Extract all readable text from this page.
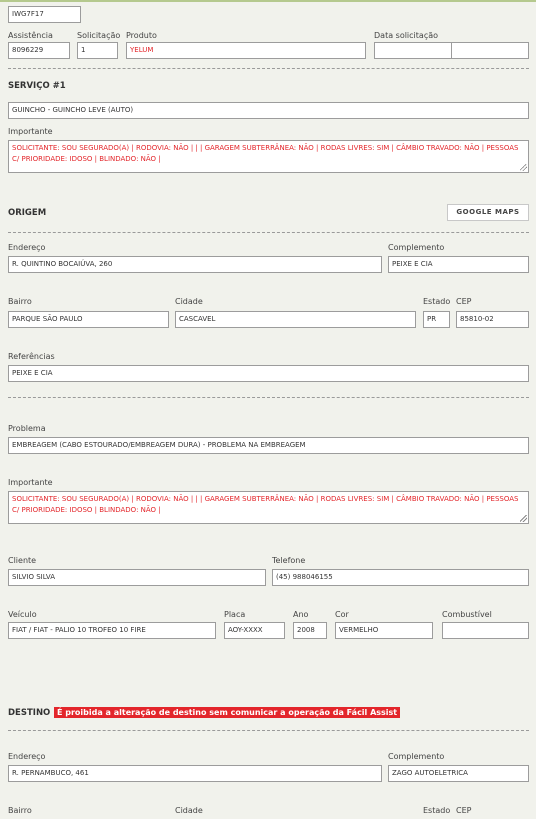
IWG7F17
Assistência
8096229
Solicitação
1
Produto
YELUM
Data solicitação
SERVIÇO #1
GUINCHO - GUINCHO LEVE (AUTO)
Importante
SOLICITANTE: SOU SEGURADO(A) | RODOVIA: NÃO | | | GARAGEM SUBTERRÂNEA: NÃO | RODAS LIVRES: SIM | CÂMBIO TRAVADO: NÃO | PESSOAS C/ PRIORIDADE: IDOSO | BLINDADO: NÃO |
ORIGEM	GOOGLE MAPS
Endereço
R. QUINTINO BOCAIÚVA, 260
Complemento
PEIXE E CIA
Bairro
PARQUE SÃO PAULO
Cidade
CASCAVEL
Estado
PR
CEP
85810-02
Referências
PEIXE E CIA
Problema
EMBREAGEM (CABO ESTOURADO/EMBREAGEM DURA) - PROBLEMA NA EMBREAGEM
Importante
SOLICITANTE: SOU SEGURADO(A) | RODOVIA: NÃO | | | GARAGEM SUBTERRÂNEA: NÃO | RODAS LIVRES: SIM | CÂMBIO TRAVADO: NÃO | PESSOAS C/ PRIORIDADE: IDOSO | BLINDADO: NÃO |
Cliente
SILVIO SILVA
Telefone
(45) 988046155
Veículo
FIAT / FIAT - PALIO 10 TROFEO 10 FIRE
Placa
AOY-XXXX
Ano
2008
Cor
VERMELHO
Combustível
DESTINO É proibida a alteração de destino sem comunicar a operação da Fácil Assist
Endereço
R. PERNAMBUCO, 461
Complemento
ZAGO AUTOELETRICA
Bairro	Cidade	Estado CEP
